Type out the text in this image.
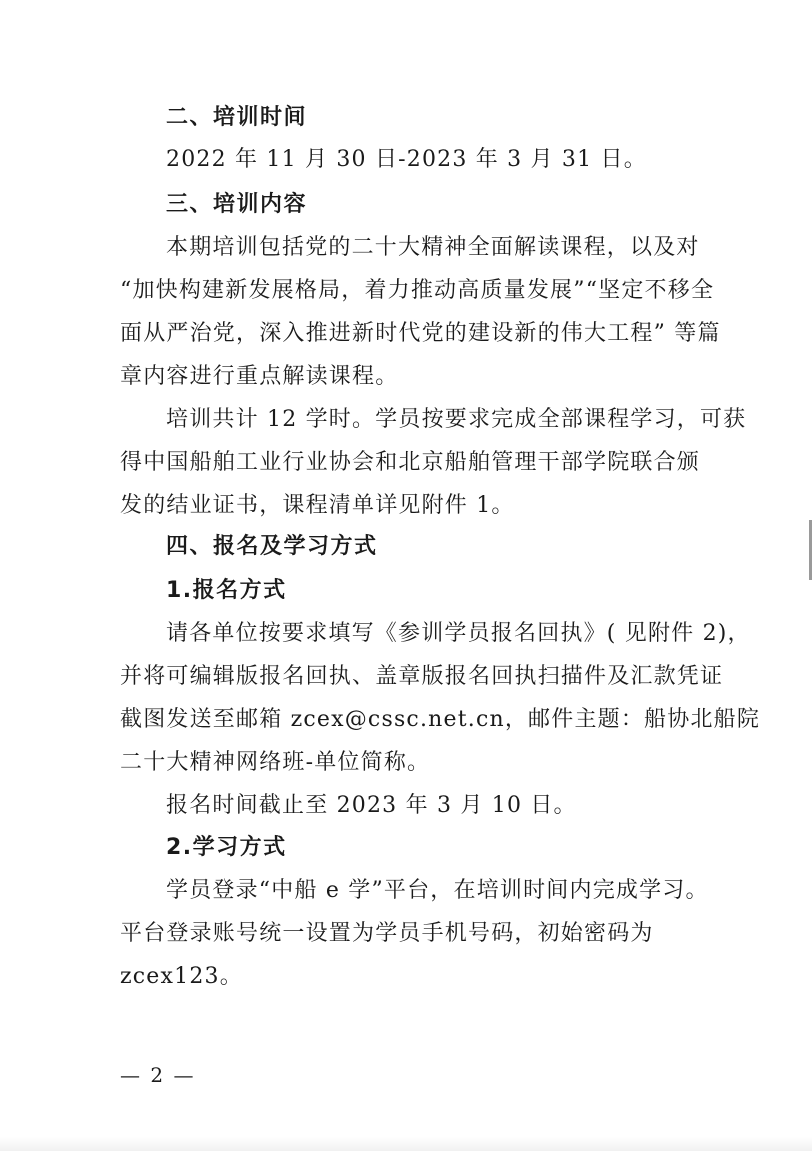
二、培训时间
2022 年 11 月 30 日-2023 年 3 月 31 日。
三、培训内容
本期培训包括党的二十大精神全面解读课程，以及对
“加快构建新发展格局，着力推动高质量发展”“坚定不移全
面从严治党，深入推进新时代党的建设新的伟大工程” 等篇
章内容进行重点解读课程。
培训共计 12 学时。学员按要求完成全部课程学习，可获
得中国船舶工业行业协会和北京船舶管理干部学院联合颁
发的结业证书，课程清单详见附件 1。
四、报名及学习方式
1.报名方式
请各单位按要求填写《参训学员报名回执》( 见附件 2)，
并将可编辑版报名回执、盖章版报名回执扫描件及汇款凭证
截图发送至邮箱 zcex@cssc.net.cn，邮件主题：船协北船院
二十大精神网络班-单位简称。
报名时间截止至 2023 年 3 月 10 日。
2.学习方式
学员登录“中船 e 学”平台，在培训时间内完成学习。
平台登录账号统一设置为学员手机号码，初始密码为
zcex123。
— 2 —
